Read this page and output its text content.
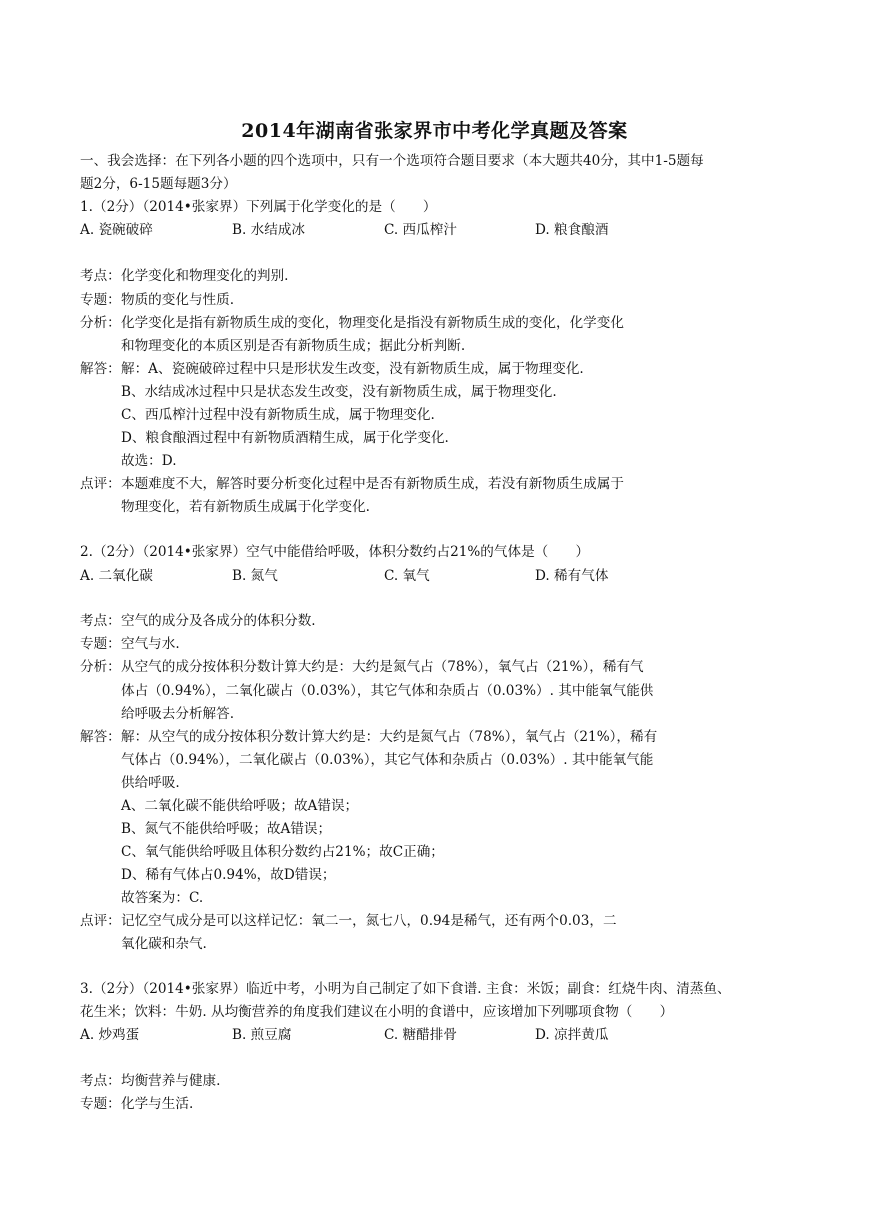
2014年湖南省张家界市中考化学真题及答案
一、我会选择：在下列各小题的四个选项中，只有一个选项符合题目要求（本大题共40分，其中1-5题每
题2分，6-15题每题3分）
1.（2分）（2014•张家界）下列属于化学变化的是（　　）
A. 瓷碗破碎	B. 水结成冰	C. 西瓜榨汁	D. 粮食酿酒
考点： 化学变化和物理变化的判别.
专题： 物质的变化与性质.
分析： 化学变化是指有新物质生成的变化，物理变化是指没有新物质生成的变化，化学变化
和物理变化的本质区别是否有新物质生成；据此分析判断.
解答： 解：A、瓷碗破碎过程中只是形状发生改变，没有新物质生成，属于物理变化.
B、水结成冰过程中只是状态发生改变，没有新物质生成，属于物理变化.
C、西瓜榨汁过程中没有新物质生成，属于物理变化.
D、粮食酿酒过程中有新物质酒精生成，属于化学变化.
故选：D.
点评： 本题难度不大，解答时要分析变化过程中是否有新物质生成，若没有新物质生成属于
物理变化，若有新物质生成属于化学变化.
2.（2分）（2014•张家界）空气中能借给呼吸，体积分数约占21%的气体是（　　）
A. 二氧化碳	B. 氮气	C. 氧气	D. 稀有气体
考点： 空气的成分及各成分的体积分数.
专题： 空气与水.
分析： 从空气的成分按体积分数计算大约是：大约是氮气占（78%），氧气占（21%），稀有气
体占（0.94%），二氧化碳占（0.03%），其它气体和杂质占（0.03%）. 其中能氧气能供
给呼吸去分析解答.
解答： 解：从空气的成分按体积分数计算大约是：大约是氮气占（78%），氧气占（21%），稀有
气体占（0.94%），二氧化碳占（0.03%），其它气体和杂质占（0.03%）. 其中能氧气能
供给呼吸.
A、二氧化碳不能供给呼吸；故A错误；
B、氮气不能供给呼吸；故A错误；
C、氧气能供给呼吸且体积分数约占21%；故C正确；
D、稀有气体占0.94%，故D错误；
故答案为：C.
点评： 记忆空气成分是可以这样记忆：氧二一，氮七八，0.94是稀气，还有两个0.03，二
氧化碳和杂气.
3.（2分）（2014•张家界）临近中考，小明为自己制定了如下食谱. 主食：米饭；副食：红烧牛肉、清蒸鱼、
花生米；饮料：牛奶. 从均衡营养的角度我们建议在小明的食谱中，应该增加下列哪项食物（　　）
A. 炒鸡蛋	B. 煎豆腐	C. 糖醋排骨	D. 凉拌黄瓜
考点： 均衡营养与健康.
专题： 化学与生活.
